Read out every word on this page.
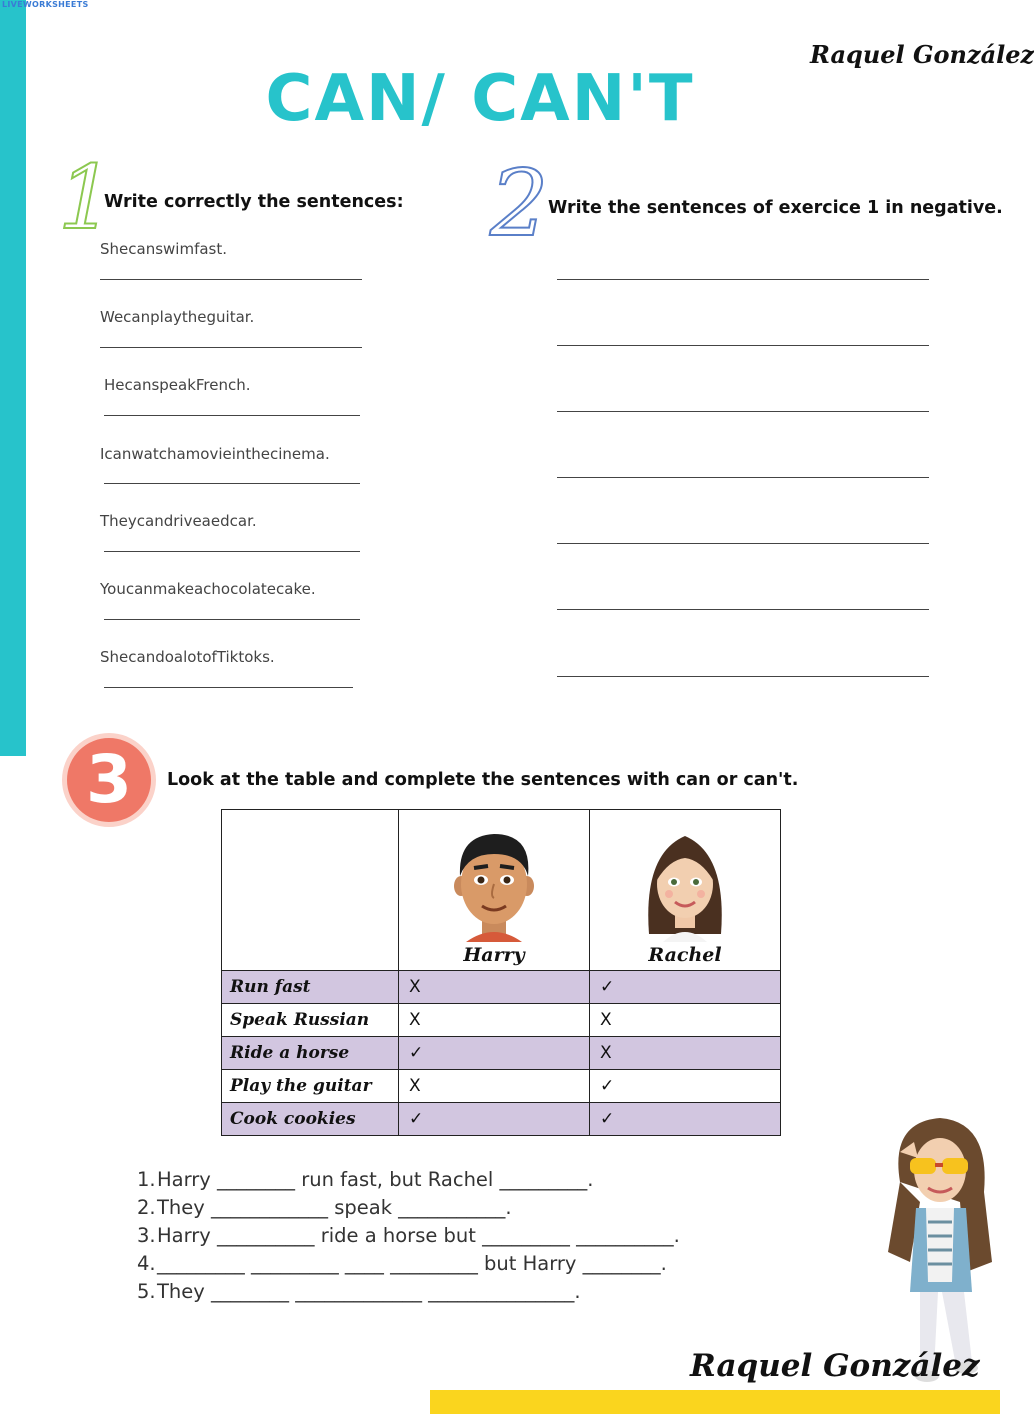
LIVEWORKSHEETS
Raquel González
CAN/ CAN'T
1
Write correctly the sentences:
Shecanswimfast.
Wecanplaytheguitar.
HecanspeakFrench.
Icanwatchamovieinthecinema.
Theycandriveaedcar.
Youcanmakeachocolatecake.
ShecandoalotofTiktoks.
2 Write the sentences of exercice 1 in negative.
3	Look at the table and complete the sentences with can or can't.

	Harry	Rachel

Run fast	X	✓
Speak Russian	X	X
Ride a horse	✓	X
Play the guitar	X	✓
Cook cookies	✓	✓
1.Harry ________ run fast, but Rachel _________.
2.They ____________ speak ___________.
3.Harry __________ ride a horse but _________ __________.
4._________ _________ ____ _________ but Harry ________.
5.They ________ _____________ _______________.
Raquel González
